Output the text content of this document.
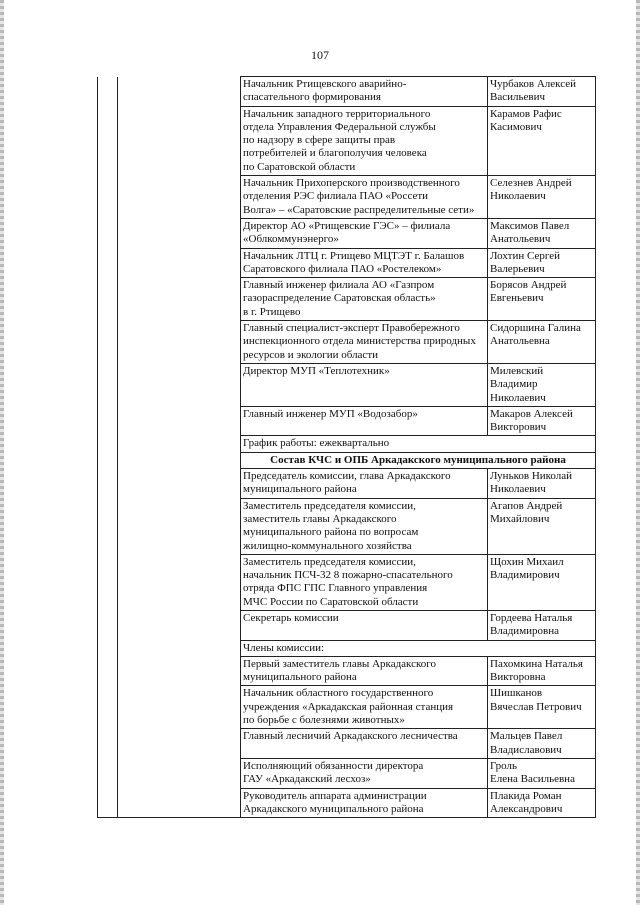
107
		Начальник Ртищевского аварийно-
спасательного формирования	Чурбаков Алексей
Васильевич
		Начальник западного территориального
отдела Управления Федеральной службы
по надзору в сфере защиты прав
потребителей и благополучия человека
по Саратовской области	Карамов Рафис
Касимович
		Начальник Прихоперского производственного
отделения РЭС филиала ПАО «Россети
Волга» – «Саратовские распределительные сети»	Селезнев Андрей
Николаевич
		Директор АО «Ртищевские ГЭС» – филиала
«Облкоммунэнерго»	Максимов Павел
Анатольевич
		Начальник ЛТЦ г. Ртищево МЦТЭТ г. Балашов
Саратовского филиала ПАО «Ростелеком»	Лохтин Сергей
Валерьевич
		Главный инженер филиала АО «Газпром
газораспределение Саратовская область»
в г. Ртищево	Борясов Андрей
Евгеньевич
		Главный специалист-эксперт Правобережного
инспекционного отдела министерства природных
ресурсов и экологии области	Сидоршина Галина
Анатольевна
		Директор МУП «Теплотехник»	Милевский
Владимир
Николаевич
		Главный инженер МУП «Водозабор»	Макаров Алексей
Викторович
		График работы: ежеквартально	
		Состав КЧС и ОПБ Аркадакского муниципального района	
		Председатель комиссии, глава Аркадакского
муниципального района	Луньков Николай
Николаевич
		Заместитель председателя комиссии,
заместитель главы Аркадакского
муниципального района по вопросам
жилищно-коммунального хозяйства	Агапов Андрей
Михайлович
		Заместитель председателя комиссии,
начальник ПСЧ-32 8 пожарно-спасательного
отряда ФПС ГПС Главного управления
МЧС России по Саратовской области	Щохин Михаил
Владимирович
		Секретарь комиссии	Гордеева Наталья
Владимировна
		Члены комиссии:	
		Первый заместитель главы Аркадакского
муниципального района	Пахомкина Наталья
Викторовна
		Начальник областного государственного
учреждения «Аркадакская районная станция
по борьбе с болезнями животных»	Шишканов
Вячеслав Петрович
		Главный лесничий Аркадакского лесничества	Мальцев Павел
Владиславович
		Исполняющий обязанности директора
ГАУ «Аркадакский лесхоз»	Гроль
Елена Васильевна
		Руководитель аппарата администрации
Аркадакского муниципального района	Плакида Роман
Александрович
